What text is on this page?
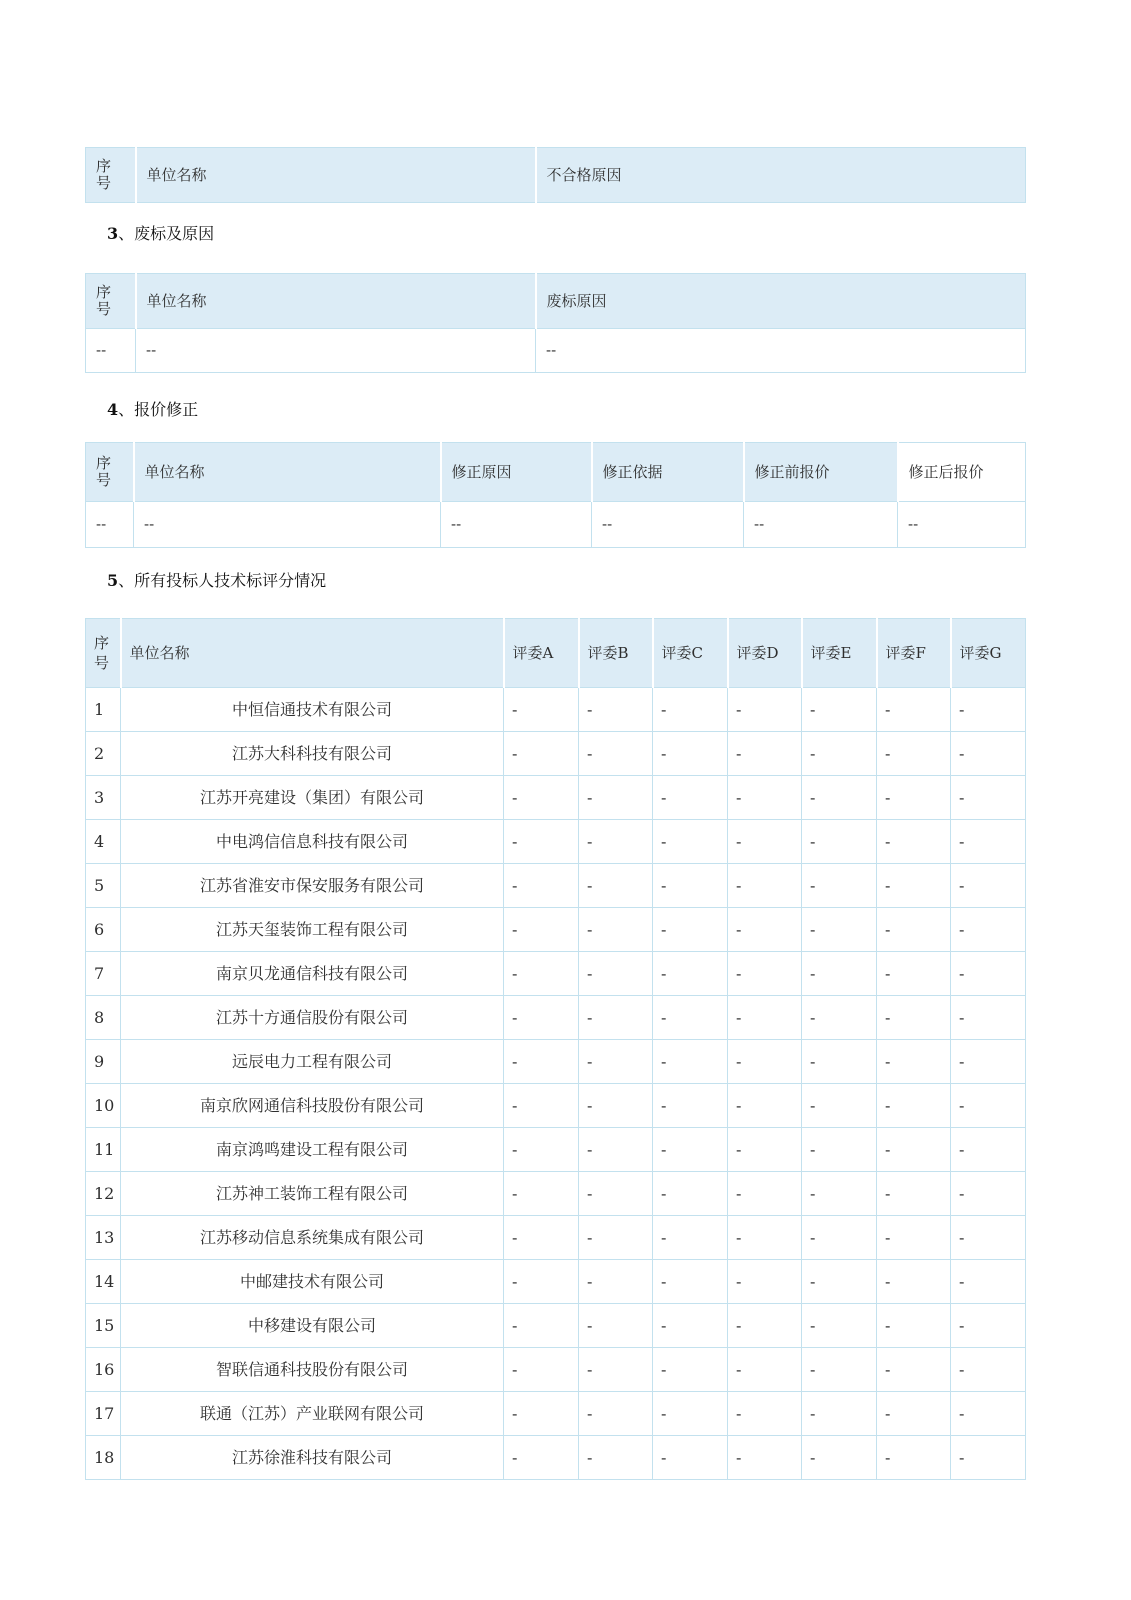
序号	单位名称	不合格原因
3、废标及原因
序号	单位名称	废标原因
--	--	--
4、报价修正
序号	单位名称	修正原因	修正依据	修正前报价	修正后报价
--	--	--	--	--	--
5、所有投标人技术标评分情况
序号	单位名称	评委A	评委B	评委C	评委D	评委E	评委F	评委G
1	中恒信通技术有限公司	-	-	-	-	-	-	-
2	江苏大科科技有限公司	-	-	-	-	-	-	-
3	江苏开亮建设（集团）有限公司	-	-	-	-	-	-	-
4	中电鸿信信息科技有限公司	-	-	-	-	-	-	-
5	江苏省淮安市保安服务有限公司	-	-	-	-	-	-	-
6	江苏天玺装饰工程有限公司	-	-	-	-	-	-	-
7	南京贝龙通信科技有限公司	-	-	-	-	-	-	-
8	江苏十方通信股份有限公司	-	-	-	-	-	-	-
9	远辰电力工程有限公司	-	-	-	-	-	-	-
10	南京欣网通信科技股份有限公司	-	-	-	-	-	-	-
11	南京鸿鸣建设工程有限公司	-	-	-	-	-	-	-
12	江苏神工装饰工程有限公司	-	-	-	-	-	-	-
13	江苏移动信息系统集成有限公司	-	-	-	-	-	-	-
14	中邮建技术有限公司	-	-	-	-	-	-	-
15	中移建设有限公司	-	-	-	-	-	-	-
16	智联信通科技股份有限公司	-	-	-	-	-	-	-
17	联通（江苏）产业联网有限公司	-	-	-	-	-	-	-
18	江苏徐淮科技有限公司	-	-	-	-	-	-	-
